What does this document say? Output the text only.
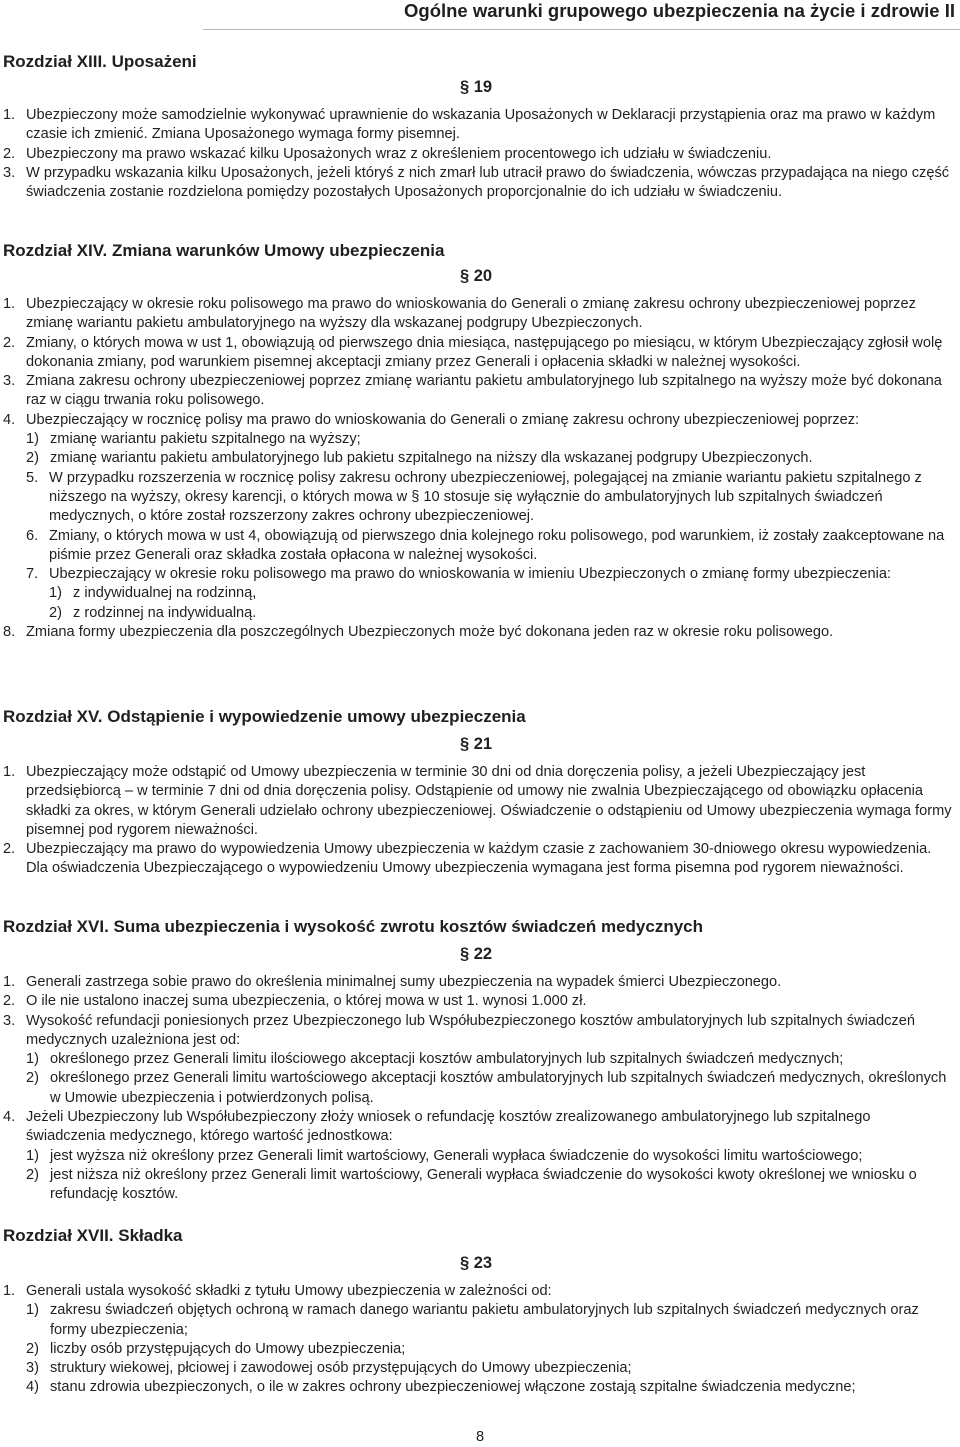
Ogólne warunki grupowego ubezpieczenia na życie i zdrowie II
Rozdział XIII. Uposażeni
§ 19
1. Ubezpieczony może samodzielnie wykonywać uprawnienie do wskazania Uposażonych w Deklaracji przystąpienia oraz ma prawo w każdym czasie ich zmienić. Zmiana Uposażonego wymaga formy pisemnej.
2. Ubezpieczony ma prawo wskazać kilku Uposażonych wraz z określeniem procentowego ich udziału w świadczeniu.
3. W przypadku wskazania kilku Uposażonych, jeżeli któryś z nich zmarł lub utracił prawo do świadczenia, wówczas przypadająca na niego część świadczenia zostanie rozdzielona pomiędzy pozostałych Uposażonych proporcjonalnie do ich udziału w świadczeniu.
Rozdział XIV. Zmiana warunków Umowy ubezpieczenia
§ 20
1. Ubezpieczający w okresie roku polisowego ma prawo do wnioskowania do Generali o zmianę zakresu ochrony ubezpieczeniowej poprzez zmianę wariantu pakietu ambulatoryjnego na wyższy dla wskazanej podgrupy Ubezpieczonych.
2. Zmiany, o których mowa w ust 1, obowiązują od pierwszego dnia miesiąca, następującego po miesiącu, w którym Ubezpieczający zgłosił wolę dokonania zmiany, pod warunkiem pisemnej akceptacji zmiany przez Generali i opłacenia składki w należnej wysokości.
3. Zmiana zakresu ochrony ubezpieczeniowej poprzez zmianę wariantu pakietu ambulatoryjnego lub szpitalnego na wyższy może być dokonana raz w ciągu trwania roku polisowego.
4. Ubezpieczający w rocznicę polisy ma prawo do wnioskowania do Generali o zmianę zakresu ochrony ubezpieczeniowej poprzez:
1) zmianę wariantu pakietu szpitalnego na wyższy;
2) zmianę wariantu pakietu ambulatoryjnego lub pakietu szpitalnego na niższy dla wskazanej podgrupy Ubezpieczonych.
5. W przypadku rozszerzenia w rocznicę polisy zakresu ochrony ubezpieczeniowej, polegającej na zmianie wariantu pakietu szpitalnego z niższego na wyższy, okresy karencji, o których mowa w § 10 stosuje się wyłącznie do ambulatoryjnych lub szpitalnych świadczeń medycznych, o które został rozszerzony zakres ochrony ubezpieczeniowej.
6. Zmiany, o których mowa w ust 4, obowiązują od pierwszego dnia kolejnego roku polisowego, pod warunkiem, iż zostały zaakceptowane na piśmie przez Generali oraz składka została opłacona w należnej wysokości.
7. Ubezpieczający w okresie roku polisowego ma prawo do wnioskowania w imieniu Ubezpieczonych o zmianę formy ubezpieczenia:
1) z indywidualnej na rodzinną,
2) z rodzinnej na indywidualną.
8. Zmiana formy ubezpieczenia dla poszczególnych Ubezpieczonych może być dokonana jeden raz w okresie roku polisowego.
Rozdział XV. Odstąpienie i wypowiedzenie umowy ubezpieczenia
§ 21
1. Ubezpieczający może odstąpić od Umowy ubezpieczenia w terminie 30 dni od dnia doręczenia polisy, a jeżeli Ubezpieczający jest przedsiębiorcą – w terminie 7 dni od dnia doręczenia polisy. Odstąpienie od umowy nie zwalnia Ubezpieczającego od obowiązku opłacenia składki za okres, w którym Generali udzielało ochrony ubezpieczeniowej. Oświadczenie o odstąpieniu od Umowy ubezpieczenia wymaga formy pisemnej pod rygorem nieważności.
2. Ubezpieczający ma prawo do wypowiedzenia Umowy ubezpieczenia w każdym czasie z zachowaniem 30-dniowego okresu wypowiedzenia. Dla oświadczenia Ubezpieczającego o wypowiedzeniu Umowy ubezpieczenia wymagana jest forma pisemna pod rygorem nieważności.
Rozdział XVI. Suma ubezpieczenia i wysokość zwrotu kosztów świadczeń medycznych
§ 22
1. Generali zastrzega sobie prawo do określenia minimalnej sumy ubezpieczenia na wypadek śmierci Ubezpieczonego.
2. O ile nie ustalono inaczej suma ubezpieczenia, o której mowa w ust 1. wynosi 1.000 zł.
3. Wysokość refundacji poniesionych przez Ubezpieczonego lub Współubezpieczonego kosztów ambulatoryjnych lub szpitalnych świadczeń medycznych uzależniona jest od:
1) określonego przez Generali limitu ilościowego akceptacji kosztów ambulatoryjnych lub szpitalnych świadczeń medycznych;
2) określonego przez Generali limitu wartościowego akceptacji kosztów ambulatoryjnych lub szpitalnych świadczeń medycznych, określonych w Umowie ubezpieczenia i potwierdzonych polisą.
4. Jeżeli Ubezpieczony lub Współubezpieczony złoży wniosek o refundację kosztów zrealizowanego ambulatoryjnego lub szpitalnego świadczenia medycznego, którego wartość jednostkowa:
1) jest wyższa niż określony przez Generali limit wartościowy, Generali wypłaca świadczenie do wysokości limitu wartościowego;
2) jest niższa niż określony przez Generali limit wartościowy, Generali wypłaca świadczenie do wysokości kwoty określonej we wniosku o refundację kosztów.
Rozdział XVII. Składka
§ 23
1. Generali ustala wysokość składki z tytułu Umowy ubezpieczenia w zależności od:
1) zakresu świadczeń objętych ochroną w ramach danego wariantu pakietu ambulatoryjnych lub szpitalnych świadczeń medycznych oraz formy ubezpieczenia;
2) liczby osób przystępujących do Umowy ubezpieczenia;
3) struktury wiekowej, płciowej i zawodowej osób przystępujących do Umowy ubezpieczenia;
4) stanu zdrowia ubezpieczonych, o ile w zakres ochrony ubezpieczeniowej włączone zostają szpitalne świadczenia medyczne;
8
